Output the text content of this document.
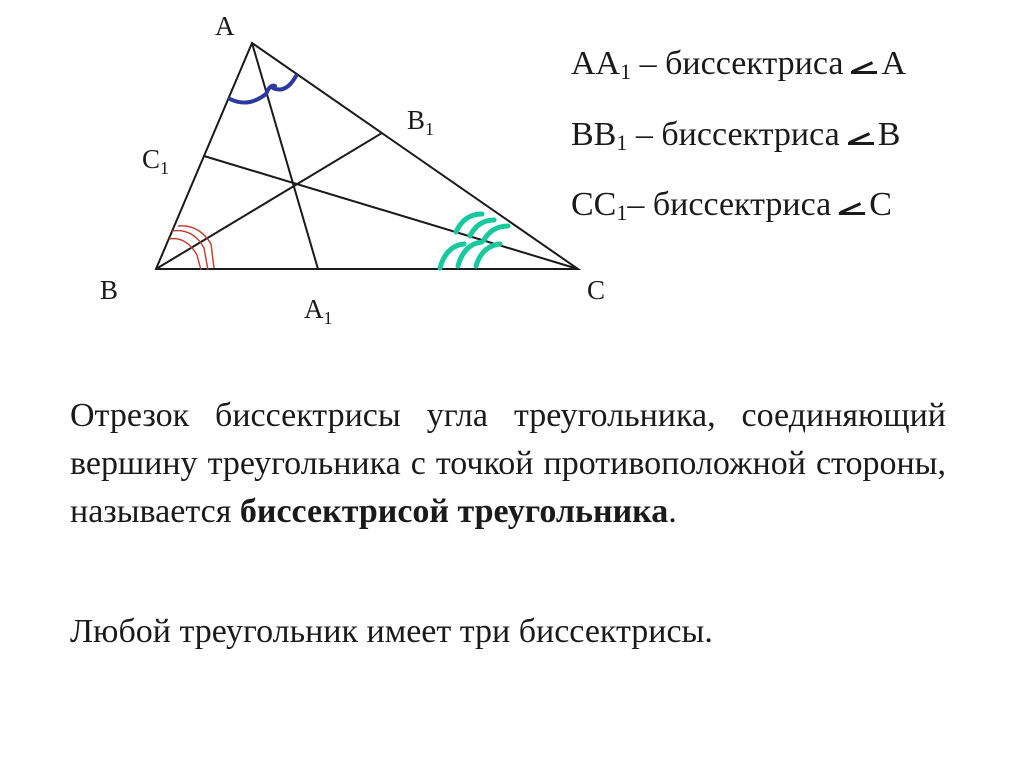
A
B	C
$A_1$
$B_1$
$C_1$
$AA_1$ – биссектриса A
$BB_1$ – биссектриса B
$CC_1-$ биссектриса C

Отрезок биссектрисы угла треугольника, соединяющий вершину треугольника с точкой противоположной стороны, называется биссектрисой треугольника.

Любой треугольник имеет три биссектрисы.
